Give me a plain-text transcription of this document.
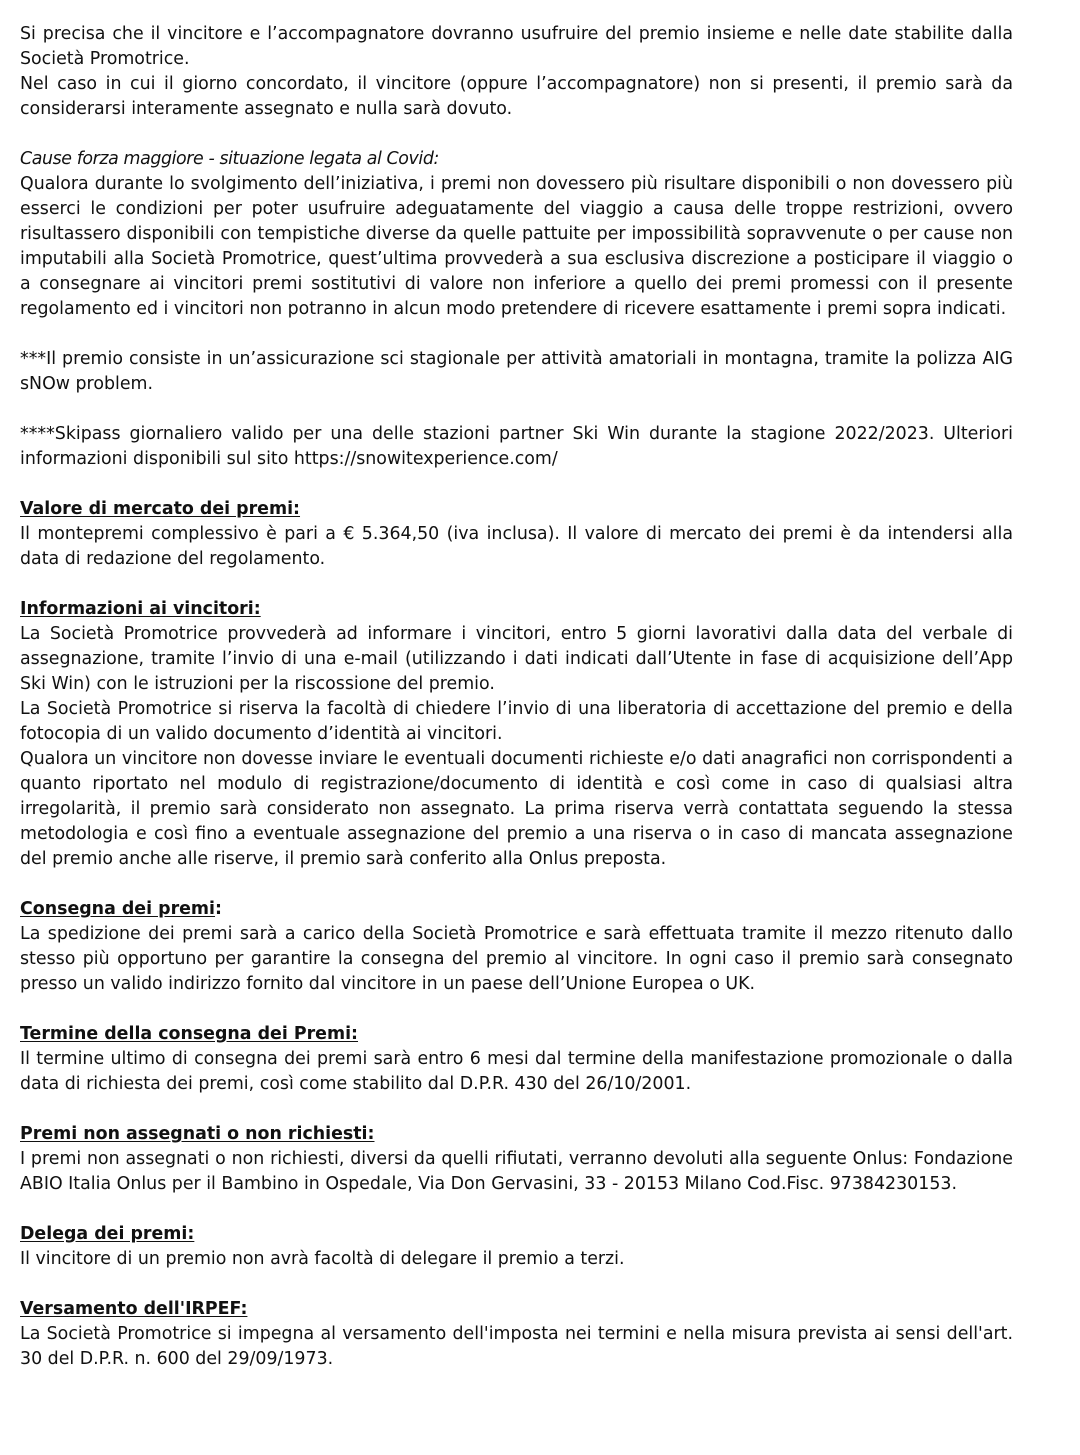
Si precisa che il vincitore e l’accompagnatore dovranno usufruire del premio insieme e nelle date stabilite dalla Società Promotrice.

Nel caso in cui il giorno concordato, il vincitore (oppure l’accompagnatore) non si presenti, il premio sarà da considerarsi interamente assegnato e nulla sarà dovuto.

Cause forza maggiore - situazione legata al Covid:

Qualora durante lo svolgimento dell’iniziativa, i premi non dovessero più risultare disponibili o non dovessero più esserci le condizioni per poter usufruire adeguatamente del viaggio a causa delle troppe restrizioni, ovvero risultassero disponibili con tempistiche diverse da quelle pattuite per impossibilità sopravvenute o per cause non imputabili alla Società Promotrice, quest’ultima provvederà a sua esclusiva discrezione a posticipare il viaggio o a consegnare ai vincitori premi sostitutivi di valore non inferiore a quello dei premi promessi con il presente regolamento ed i vincitori non potranno in alcun modo pretendere di ricevere esattamente i premi sopra indicati.

***Il premio consiste in un’assicurazione sci stagionale per attività amatoriali in montagna, tramite la polizza AIG sNOw problem.

****Skipass giornaliero valido per una delle stazioni partner Ski Win durante la stagione 2022/2023. Ulteriori informazioni disponibili sul sito https://snowitexperience.com/

Valore di mercato dei premi:

Il montepremi complessivo è pari a € 5.364,50 (iva inclusa). Il valore di mercato dei premi è da intendersi alla data di redazione del regolamento.

Informazioni ai vincitori:

La Società Promotrice provvederà ad informare i vincitori, entro 5 giorni lavorativi dalla data del verbale di assegnazione, tramite l’invio di una e-mail (utilizzando i dati indicati dall’Utente in fase di acquisizione dell’App Ski Win) con le istruzioni per la riscossione del premio.

La Società Promotrice si riserva la facoltà di chiedere l’invio di una liberatoria di accettazione del premio e della fotocopia di un valido documento d’identità ai vincitori.

Qualora un vincitore non dovesse inviare le eventuali documenti richieste e/o dati anagrafici non corrispondenti a quanto riportato nel modulo di registrazione/documento di identità e così come in caso di qualsiasi altra irregolarità, il premio sarà considerato non assegnato. La prima riserva verrà contattata seguendo la stessa metodologia e così fino a eventuale assegnazione del premio a una riserva o in caso di mancata assegnazione del premio anche alle riserve, il premio sarà conferito alla Onlus preposta.

Consegna dei premi:

La spedizione dei premi sarà a carico della Società Promotrice e sarà effettuata tramite il mezzo ritenuto dallo stesso più opportuno per garantire la consegna del premio al vincitore. In ogni caso il premio sarà consegnato presso un valido indirizzo fornito dal vincitore in un paese dell’Unione Europea o UK.

Termine della consegna dei Premi:

Il termine ultimo di consegna dei premi sarà entro 6 mesi dal termine della manifestazione promozionale o dalla data di richiesta dei premi, così come stabilito dal D.P.R. 430 del 26/10/2001.

Premi non assegnati o non richiesti:

I premi non assegnati o non richiesti, diversi da quelli rifiutati, verranno devoluti alla seguente Onlus: Fondazione ABIO Italia Onlus per il Bambino in Ospedale, Via Don Gervasini, 33 - 20153 Milano Cod.Fisc. 97384230153.

Delega dei premi:

Il vincitore di un premio non avrà facoltà di delegare il premio a terzi.

Versamento dell'IRPEF:

La Società Promotrice si impegna al versamento dell'imposta nei termini e nella misura prevista ai sensi dell'art. 30 del D.P.R. n. 600 del 29/09/1973.
